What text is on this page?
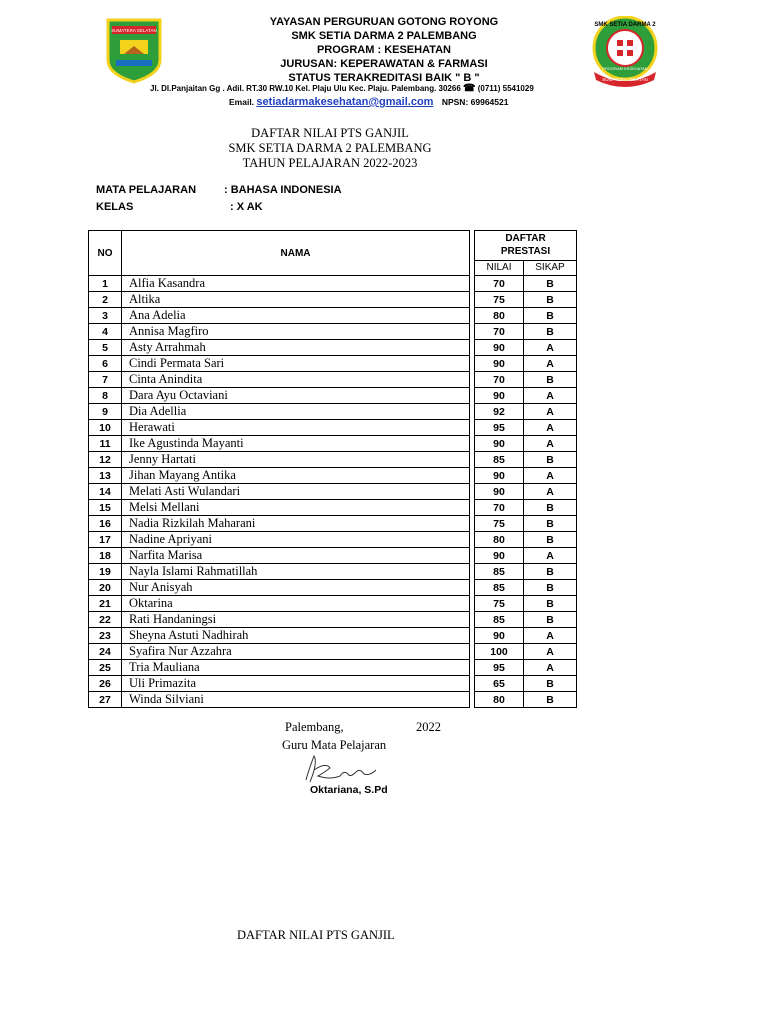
SUMATERA SELATAN
SMK SETIA DARMA 2
PROGRAM KESEHATAN
SUMATERA SELATAN
YAYASAN PERGURUAN GOTONG ROYONG
SMK SETIA DARMA 2 PALEMBANG
PROGRAM : KESEHATAN
JURUSAN: KEPERAWATAN & FARMASI
STATUS TERAKREDITASI BAIK " B "
Jl. Dl.Panjaitan Gg . Adil. RT.30 RW.10 Kel. Plaju Ulu Kec. Plaju. Palembang. 30266 ☎ (0711) 5541029
Email. setiadarmakesehatan@gmail.com NPSN: 69964521
DAFTAR NILAI PTS GANJIL
SMK SETIA DARMA 2 PALEMBANG
TAHUN PELAJARAN 2022-2023
MATA PELAJARAN	: BAHASA INDONESIA
KELAS	: X AK
NO	NAMA		DAFTAR
PRESTASI	

			NILAI	SIKAP
1	Alfia Kasandra		70	B
2	Altika		75	B
3	Ana Adelia		80	B
4	Annisa Magfiro		70	B
5	Asty Arrahmah		90	A
6	Cindi Permata Sari		90	A
7	Cinta Anindita		70	B
8	Dara Ayu Octaviani		90	A
9	Dia Adellia		92	A
10	Herawati		95	A
11	Ike Agustinda Mayanti		90	A
12	Jenny Hartati		85	B
13	Jihan Mayang Antika		90	A
14	Melati Asti Wulandari		90	A
15	Melsi Mellani		70	B
16	Nadia Rizkilah Maharani		75	B
17	Nadine Apriyani		80	B
18	Narfita Marisa		90	A
19	Nayla Islami Rahmatillah		85	B
20	Nur Anisyah		85	B
21	Oktarina		75	B
22	Rati Handaningsi		85	B
23	Sheyna Astuti Nadhirah		90	A
24	Syafira Nur Azzahra		100	A
25	Tria Mauliana		95	A
26	Uli Primazita		65	B
27	Winda Silviani		80	B
Palembang,	2022
Guru Mata Pelajaran
Oktariana, S.Pd
DAFTAR NILAI PTS GANJIL
